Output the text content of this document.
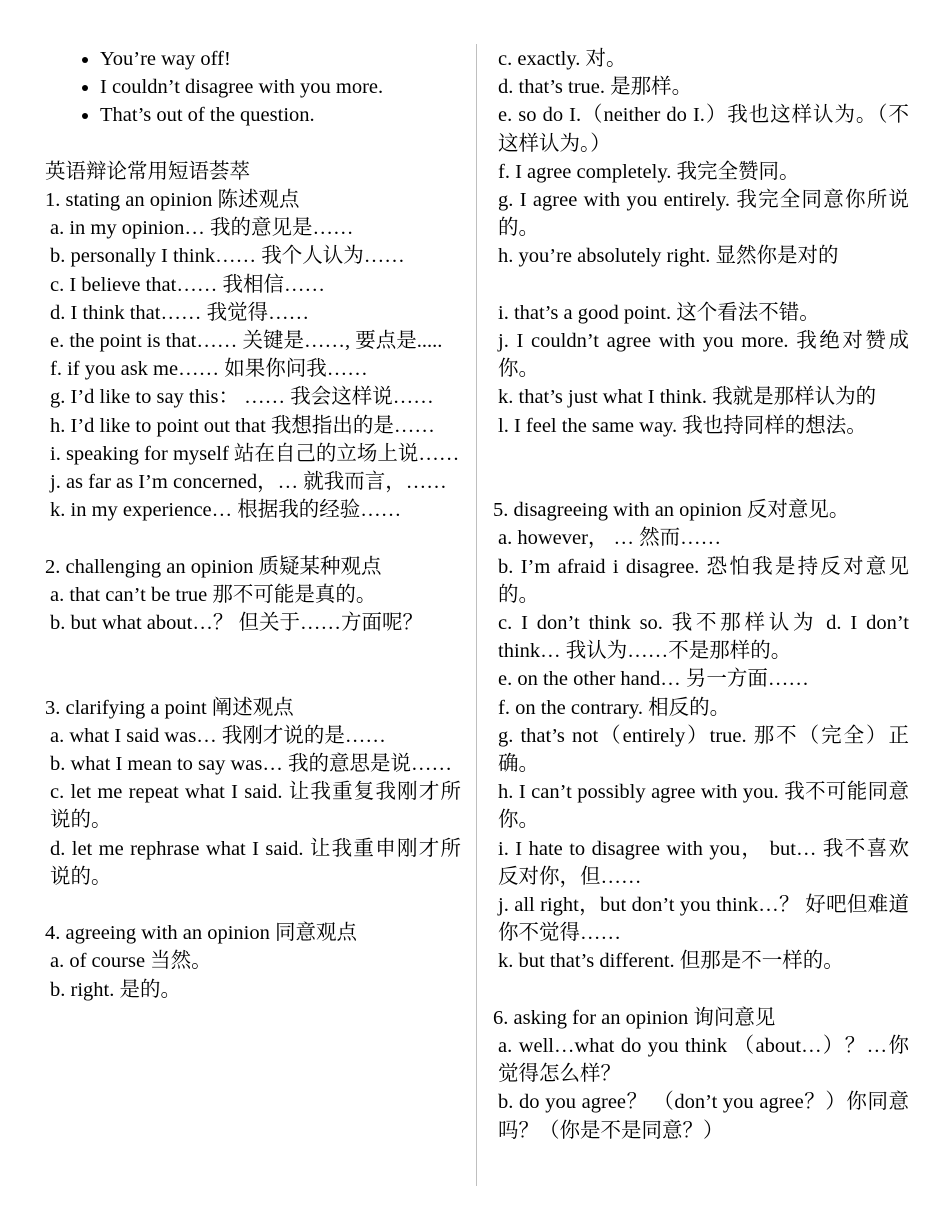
• You’re way off!
• I couldn’t disagree with you more.
• That’s out of the question.
英语辩论常用短语荟萃
1. stating an opinion 陈述观点
a. in my opinion… 我的意见是……
b. personally I think…… 我个人认为……
c. I believe that…… 我相信……
d. I think that…… 我觉得……
e. the point is that…… 关键是……, 要点是.....
f. if you ask me…… 如果你问我……
g. I’d like to say this： …… 我会这样说……
h. I’d like to point out that 我想指出的是……
i. speaking for myself 站在自己的立场上说……
j. as far as I’m concerned，… 就我而言，……
k. in my experience… 根据我的经验……
2. challenging an opinion 质疑某种观点
a. that can’t be true 那不可能是真的。
b. but what about…？ 但关于……方面呢？
3. clarifying a point 阐述观点
a. what I said was… 我刚才说的是……
b. what I mean to say was… 我的意思是说……
c. let me repeat what I said. 让我重复我刚才所说的。
d. let me rephrase what I said. 让我重申刚才所说的。
4. agreeing with an opinion 同意观点
a. of course 当然。
b. right. 是的。
c. exactly. 对。
d. that’s true. 是那样。
e. so do I.（neither do I.）我也这样认为。（不这样认为。）
f. I agree completely. 我完全赞同。
g. I agree with you entirely. 我完全同意你所说的。
h. you’re absolutely right. 显然你是对的
i. that’s a good point. 这个看法不错。
j. I couldn’t agree with you more. 我绝对赞成你。
k. that’s just what I think. 我就是那样认为的
l. I feel the same way. 我也持同样的想法。
5. disagreeing with an opinion 反对意见。
a. however， … 然而……
b. I’m afraid i disagree. 恐怕我是持反对意见的。
c. I don’t think so. 我不那样认为 d. I don’t think… 我认为……不是那样的。
e. on the other hand… 另一方面……
f. on the contrary. 相反的。
g. that’s not（entirely）true. 那不（完全）正确。
h. I can’t possibly agree with you. 我不可能同意你。
i. I hate to disagree with you， but… 我不喜欢反对你，但……
j. all right，but don’t you think…？ 好吧但难道你不觉得……
k. but that’s different. 但那是不一样的。
6. asking for an opinion 询问意见
a. well…what do you think （about…）？…你觉得怎么样？
b. do you agree？ （don’t you agree？）你同意吗？（你是不是同意？）
